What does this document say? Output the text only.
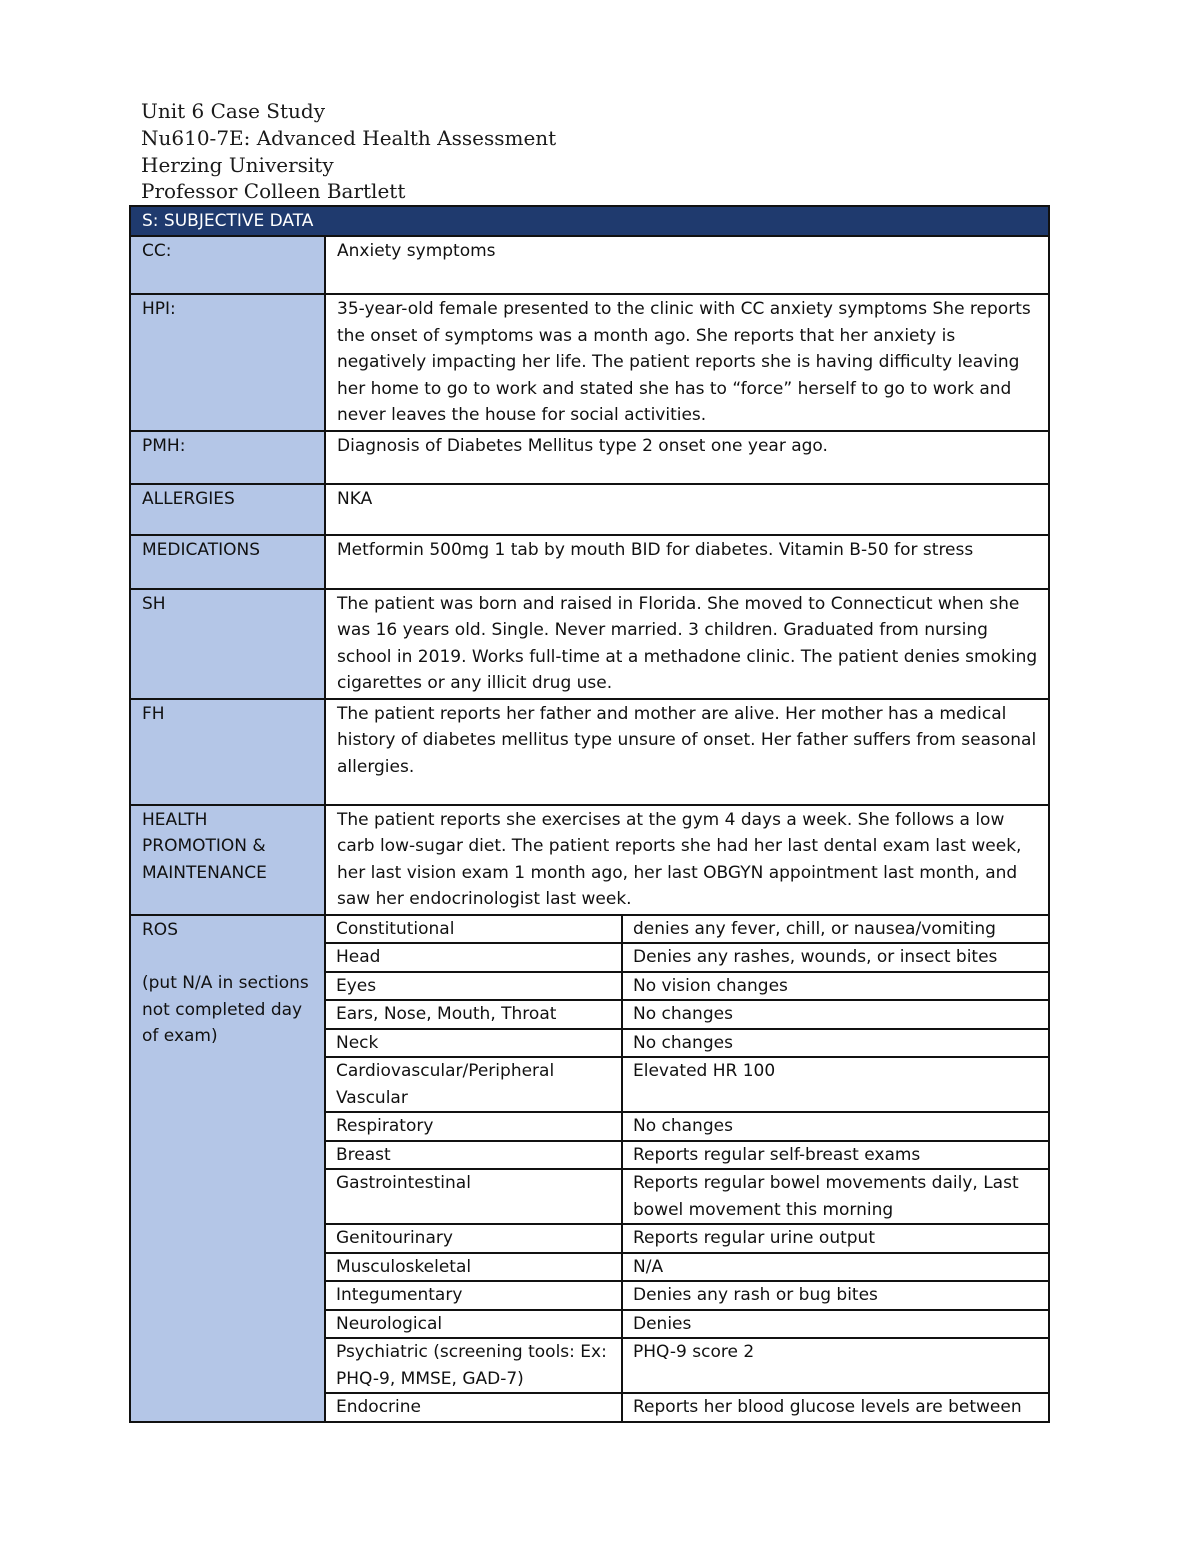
Unit 6 Case Study
Nu610-7E: Advanced Health Assessment
Herzing University
Professor Colleen Bartlett
S: SUBJECTIVE DATA
CC:	Anxiety symptoms
HPI:	35-year-old female presented to the clinic with CC anxiety symptoms She reports the onset of symptoms was a month ago. She reports that her anxiety is negatively impacting her life. The patient reports she is having difficulty leaving her home to go to work and stated she has to “force” herself to go to work and never leaves the house for social activities.
PMH:	Diagnosis of Diabetes Mellitus type 2 onset one year ago.
ALLERGIES	NKA
MEDICATIONS	Metformin 500mg 1 tab by mouth BID for diabetes. Vitamin B-50 for stress
SH	The patient was born and raised in Florida. She moved to Connecticut when she was 16 years old. Single. Never married. 3 children. Graduated from nursing school in 2019. Works full-time at a methadone clinic. The patient denies smoking cigarettes or any illicit drug use.
FH	The patient reports her father and mother are alive. Her mother has a medical history of diabetes mellitus type unsure of onset. Her father suffers from seasonal allergies.
HEALTH PROMOTION & MAINTENANCE	The patient reports she exercises at the gym 4 days a week. She follows a low carb low-sugar diet. The patient reports she had her last dental exam last week, her last vision exam 1 month ago, her last OBGYN appointment last month, and saw her endocrinologist last week.

ROS
(put N/A in sections not completed day of exam)

Constitutional	denies any fever, chill, or nausea/vomiting
Head	Denies any rashes, wounds, or insect bites
Eyes	No vision changes
Ears, Nose, Mouth, Throat	No changes
Neck	No changes
Cardiovascular/Peripheral Vascular	Elevated HR 100
Respiratory	No changes
Breast	Reports regular self-breast exams
Gastrointestinal	Reports regular bowel movements daily, Last bowel movement this morning
Genitourinary	Reports regular urine output
Musculoskeletal	N/A
Integumentary	Denies any rash or bug bites
Neurological	Denies
Psychiatric (screening tools: Ex: PHQ-9, MMSE, GAD-7)	PHQ-9 score 2
Endocrine	Reports her blood glucose levels are between
